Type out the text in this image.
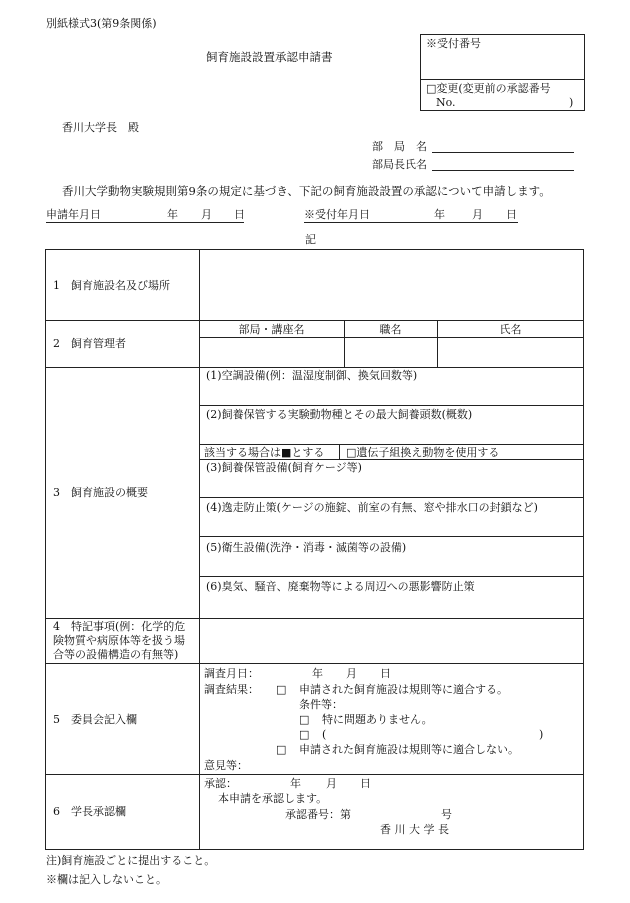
別紙様式3(第9条関係)
飼育施設設置承認申請書
※受付番号
□変更(変更前の承認番号
No.	)
香川大学長　殿
部　局　名
部局長氏名
香川大学動物実験規則第9条の規定に基づき、下記の飼育施設設置の承認について申請します。
申請年月日	年 月 日	※受付年月日	年 月 日
記
1　飼育施設名及び場所
2　飼育管理者
部局・講座名	職名	氏名
3　飼育施設の概要
(1)空調設備(例：温湿度制御、換気回数等)
(2)飼養保管する実験動物種とその最大飼養頭数(概数)
該当する場合は■とする □遺伝子組換え動物を使用する
(3)飼養保管設備(飼育ケージ等)
(4)逸走防止策(ケージの施錠、前室の有無、窓や排水口の封鎖など)
(5)衛生設備(洗浄・消毒・滅菌等の設備)
(6)臭気、騒音、廃棄物等による周辺への悪影響防止策
4　特記事項(例：化学的危
険物質や病原体等を扱う場
合等の設備構造の有無等)
5　委員会記入欄
調査月日：	年 月 日
調査結果： □ 申請された飼育施設は規則等に適合する。
条件等：
□ 特に問題ありません。
□ (	)
□ 申請された飼育施設は規則等に適合しない。
意見等：
6　学長承認欄
承認：	年 月 日
本申請を承認します。
承認番号：第	号
香 川 大 学 長
注)飼育施設ごとに提出すること。
※欄は記入しないこと。
